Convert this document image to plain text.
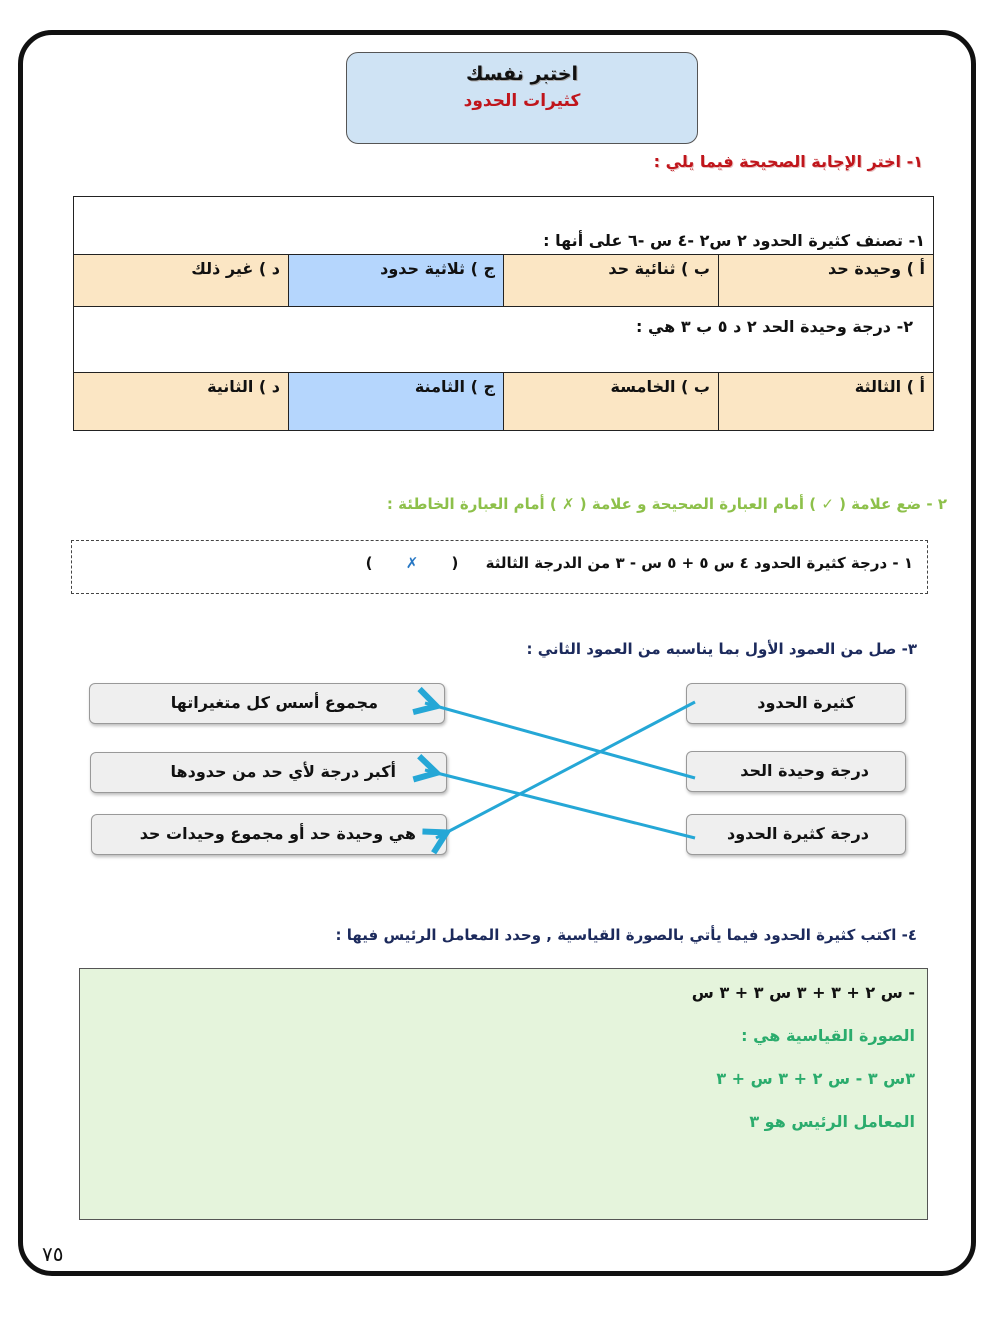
اختبر نفسك
كثيرات الحدود
١- اختر الإجابة الصحيحة فيما يلي :
١- تصنف كثيرة الحدود ٢ س٢ -٤ س -٦ على أنها :			
أ ) وحيدة حد	ب ) ثنائية حد	ج ) ثلاثية حدود	د ) غير ذلك
٢- درجة وحيدة الحد ٢ د ٥ ب ٣ هي :			
أ ) الثالثة	ب ) الخامسة	ج ) الثامنة	د ) الثانية
٢ - ضع علامة ( ✓ ) أمام العبارة الصحيحة و علامة ( ✗ ) أمام العبارة الخاطئة :
١ - درجة كثيرة الحدود ٤ س ٥ + ٥ س - ٣ من الدرجة الثالثة ( ✗ )
٣- صل من العمود الأول بما يناسبه من العمود الثاني :
كثيرة الحدود
درجة وحيدة الحد
درجة كثيرة الحدود
مجموع أسس كل متغيراتها
أكبر درجة لأي حد من حدودها
هي وحيدة حد أو مجموع وحيدات حد
٤- اكتب كثيرة الحدود فيما يأتي بالصورة القياسية , وحدد المعامل الرئيس فيها :
- س ٢ + ٣ + ٣ س ٣ + ٣ س
الصورة القياسية هي :
٣س ٣ - س ٢ + ٣ س + ٣
المعامل الرئيس هو ٣
٧٥
